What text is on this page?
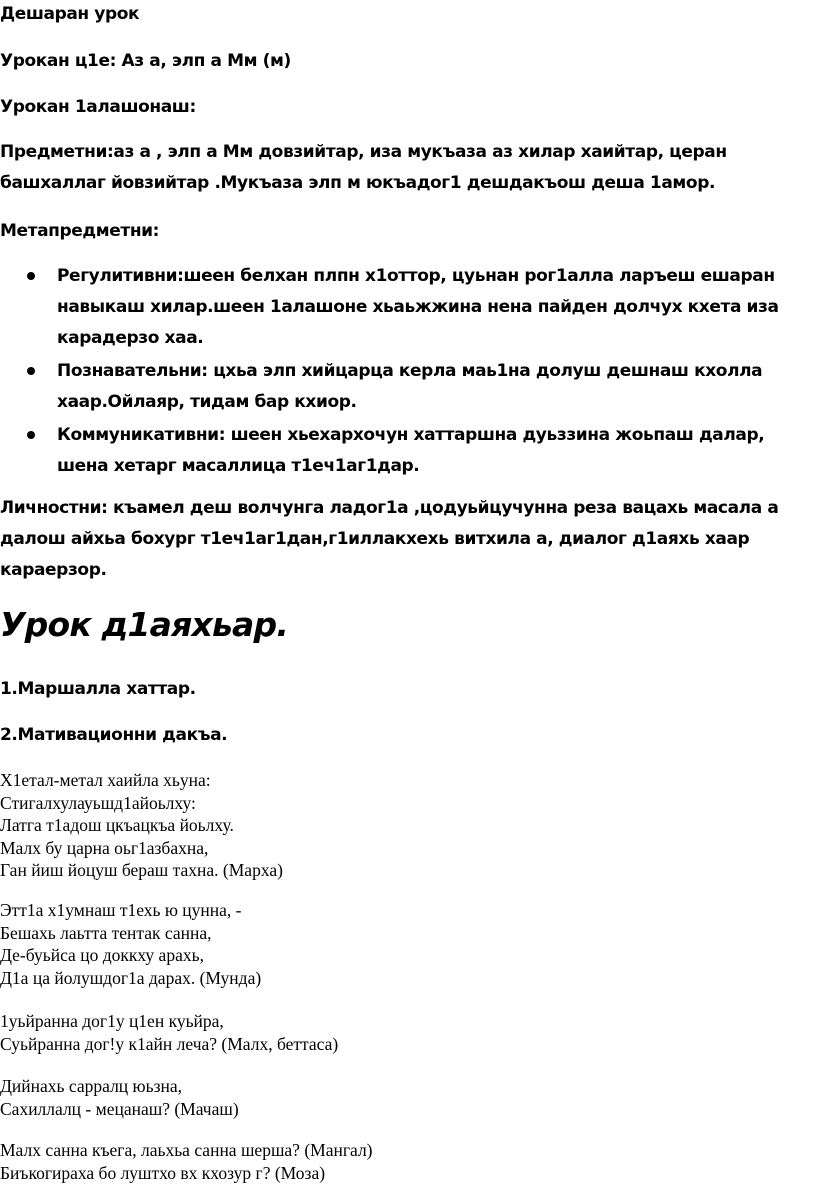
Дешаран урок

Урокан ц1е: Аз а, элп а Мм (м)

Урокан 1алашонаш:

Предметни:аз а , элп а Мм довзийтар, иза мукъаза аз хилар хаийтар, церан башхаллаг йовзийтар .Мукъаза элп м юкъадог1 дешдакъош деша 1амор.

Метапредметни:

Регулитивни:шеен белхан плпн х1оттор, цуьнан рог1алла ларъеш ешаран навыкаш хилар.шеен 1алашоне хьаьжжина нена пайден долчух кхета иза карадерзо хаа.
Познавательни: цхьа элп хийцарца керла маь1на долуш дешнаш кхолла хаар.Ойлаяр, тидам бар кхиор.
Коммуникативни: шеен хьехархочун хаттаршна дуьззина жоьпаш далар, шена хетарг масаллица т1еч1аг1дар.

Личностни: къамел деш волчунга ладог1а ,цодуьйцучунна реза вацахь масала а далош айхьа бохург т1еч1аг1дан,г1иллакхехь витхила а, диалог д1аяхь хаар караерзор.

Урок д1аяхьар.

1.Маршалла хаттар.

2.Мативационни дакъа.

Х1етал-метал хаийла хьуна:
Стигалхулауьшд1айоьлху:
Латга т1адош цкъацкъа йоьлху.
Малх бу царна оьг1азбахна,
Ган йиш йоцуш бераш тахна. (Марха)
Этт1а х1умнаш т1ехь ю цунна, -
Бешахь лаьтта тентак санна,
Де-буьйса цо доккху арахь,
Д1а ца йолушдог1а дарах. (Мунда)
1уьйранна дог1у ц1ен куьйра,
Суьйранна дог!у к1айн леча? (Малх, беттаса)
Дийнахь сарралц юьзна,
Сахиллалц - мецанаш? (Мачаш)
Малх санна къега, лаьхьа санна шерша? (Мангал)
Биъкогираха бо луштхо вх кхозур г? (Моза)
